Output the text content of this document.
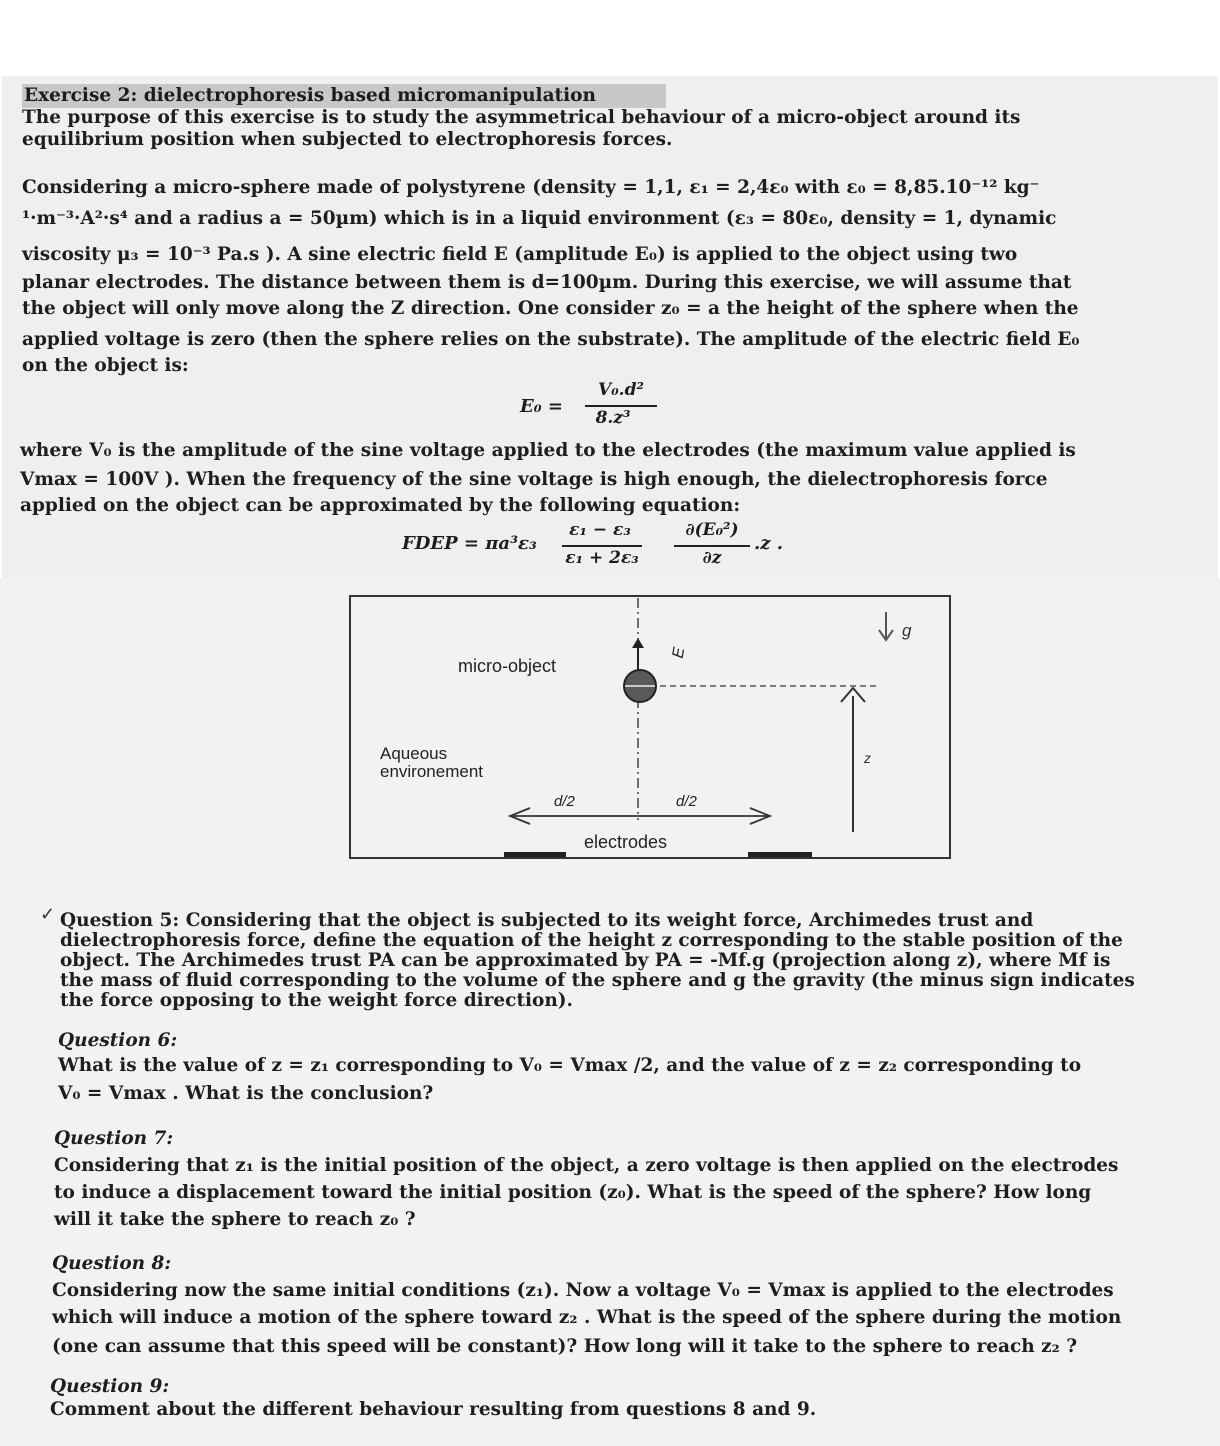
Exercise 2: dielectrophoresis based micromanipulation
The purpose of this exercise is to study the asymmetrical behaviour of a micro-object around its
equilibrium position when subjected to electrophoresis forces.
Considering a micro-sphere made of polystyrene (density = 1,1, ε₁ = 2,4ε₀ with ε₀ = 8,85.10⁻¹² kg⁻
¹·m⁻³·A²·s⁴ and a radius a = 50µm) which is in a liquid environment (ε₃ = 80ε₀, density = 1, dynamic
viscosity μ₃ = 10⁻³ Pa.s ). A sine electric field E (amplitude E₀) is applied to the object using two
planar electrodes. The distance between them is d=100µm. During this exercise, we will assume that
the object will only move along the Z direction. One consider z₀ = a the height of the sphere when the
applied voltage is zero (then the sphere relies on the substrate). The amplitude of the electric field E₀
on the object is:
E₀ =
V₀.d²
8.z³
where V₀ is the amplitude of the sine voltage applied to the electrodes (the maximum value applied is
Vmax = 100V ). When the frequency of the sine voltage is high enough, the dielectrophoresis force
applied on the object can be approximated by the following equation:
FDEP = πa³ε₃
ε₁ − ε₃
ε₁ + 2ε₃
∂(E₀²)
∂z
.z .
E
z
g
micro-object
Aqueous
environement
d/2	d/2
electrodes
✓ Question 5: Considering that the object is subjected to its weight force, Archimedes trust and
dielectrophoresis force, define the equation of the height z corresponding to the stable position of the
object. The Archimedes trust PA can be approximated by PA = -Mf.g (projection along z), where Mf is
the mass of fluid corresponding to the volume of the sphere and g the gravity (the minus sign indicates
the force opposing to the weight force direction).
Question 6:
What is the value of z = z₁ corresponding to V₀ = Vmax /2, and the value of z = z₂ corresponding to
V₀ = Vmax . What is the conclusion?
Question 7:
Considering that z₁ is the initial position of the object, a zero voltage is then applied on the electrodes
to induce a displacement toward the initial position (z₀). What is the speed of the sphere? How long
will it take the sphere to reach z₀ ?
Question 8:
Considering now the same initial conditions (z₁). Now a voltage V₀ = Vmax is applied to the electrodes
which will induce a motion of the sphere toward z₂ . What is the speed of the sphere during the motion
(one can assume that this speed will be constant)? How long will it take to the sphere to reach z₂ ?
Question 9:
Comment about the different behaviour resulting from questions 8 and 9.
